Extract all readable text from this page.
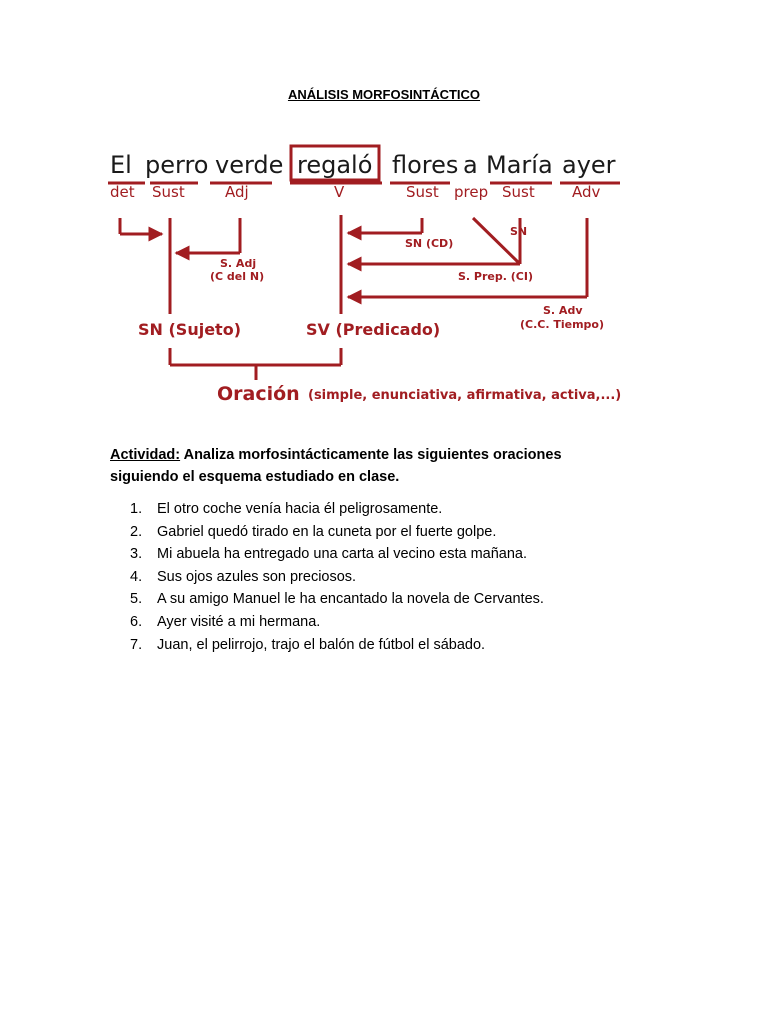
ANÁLISIS MORFOSINTÁCTICO
El perro verde regaló flores a María ayer
det Sust	Adj	V	Sust prep Sust Adv
S. Adj
(C del N)
SN (CD)
SN
S. Prep. (CI)
S. Adv
(C.C. Tiempo)
SN (Sujeto)	SV (Predicado)
Oración (simple, enunciativa, afirmativa, activa,...)
Actividad: Analiza morfosintácticamente las siguientes oraciones siguiendo el esquema estudiado en clase.
1.	El otro coche venía hacia él peligrosamente.
2.	Gabriel quedó tirado en la cuneta por el fuerte golpe.
3.	Mi abuela ha entregado una carta al vecino esta mañana.
4.	Sus ojos azules son preciosos.
5.	A su amigo Manuel le ha encantado la novela de Cervantes.
6.	Ayer visité a mi hermana.
7.	Juan, el pelirrojo, trajo el balón de fútbol el sábado.
